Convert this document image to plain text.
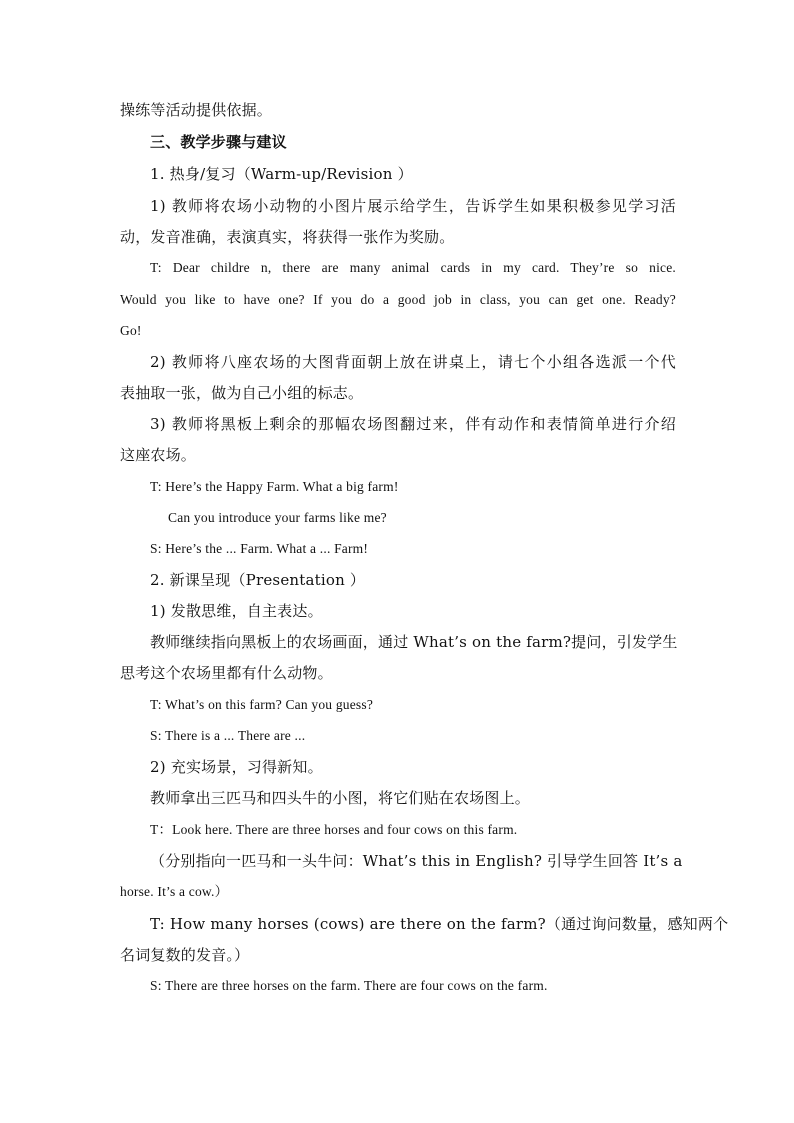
操练等活动提供依据。
三、教学步骤与建议
1. 热身/复习（Warm-up/Revision ）
1) 教师将农场小动物的小图片展示给学生，告诉学生如果积极参见学习活
动，发音准确，表演真实，将获得一张作为奖励。
T: Dear childre n, there are many animal cards in my card. They’re so nice.
Would you like to have one? If you do a good job in class, you can get one. Ready?
Go!
2) 教师将八座农场的大图背面朝上放在讲桌上，请七个小组各选派一个代
表抽取一张，做为自己小组的标志。
3) 教师将黑板上剩余的那幅农场图翻过来，伴有动作和表情简单进行介绍
这座农场。
T: Here’s the Happy Farm. What a big farm!
Can you introduce your farms like me?
S: Here’s the ... Farm. What a ... Farm!
2. 新课呈现（Presentation ）
1) 发散思维，自主表达。
教师继续指向黑板上的农场画面，通过 What’s on the farm?提问，引发学生
思考这个农场里都有什么动物。
T: What’s on this farm? Can you guess?
S: There is a ... There are ...
2) 充实场景，习得新知。
教师拿出三匹马和四头牛的小图，将它们贴在农场图上。
T：Look here. There are three horses and four cows on this farm.
（分别指向一匹马和一头牛问：What’s this in English? 引导学生回答 It’s a
horse. It’s a cow.）
T: How many horses (cows) are there on the farm?（通过询问数量，感知两个
名词复数的发音。）
S: There are three horses on the farm. There are four cows on the farm.
